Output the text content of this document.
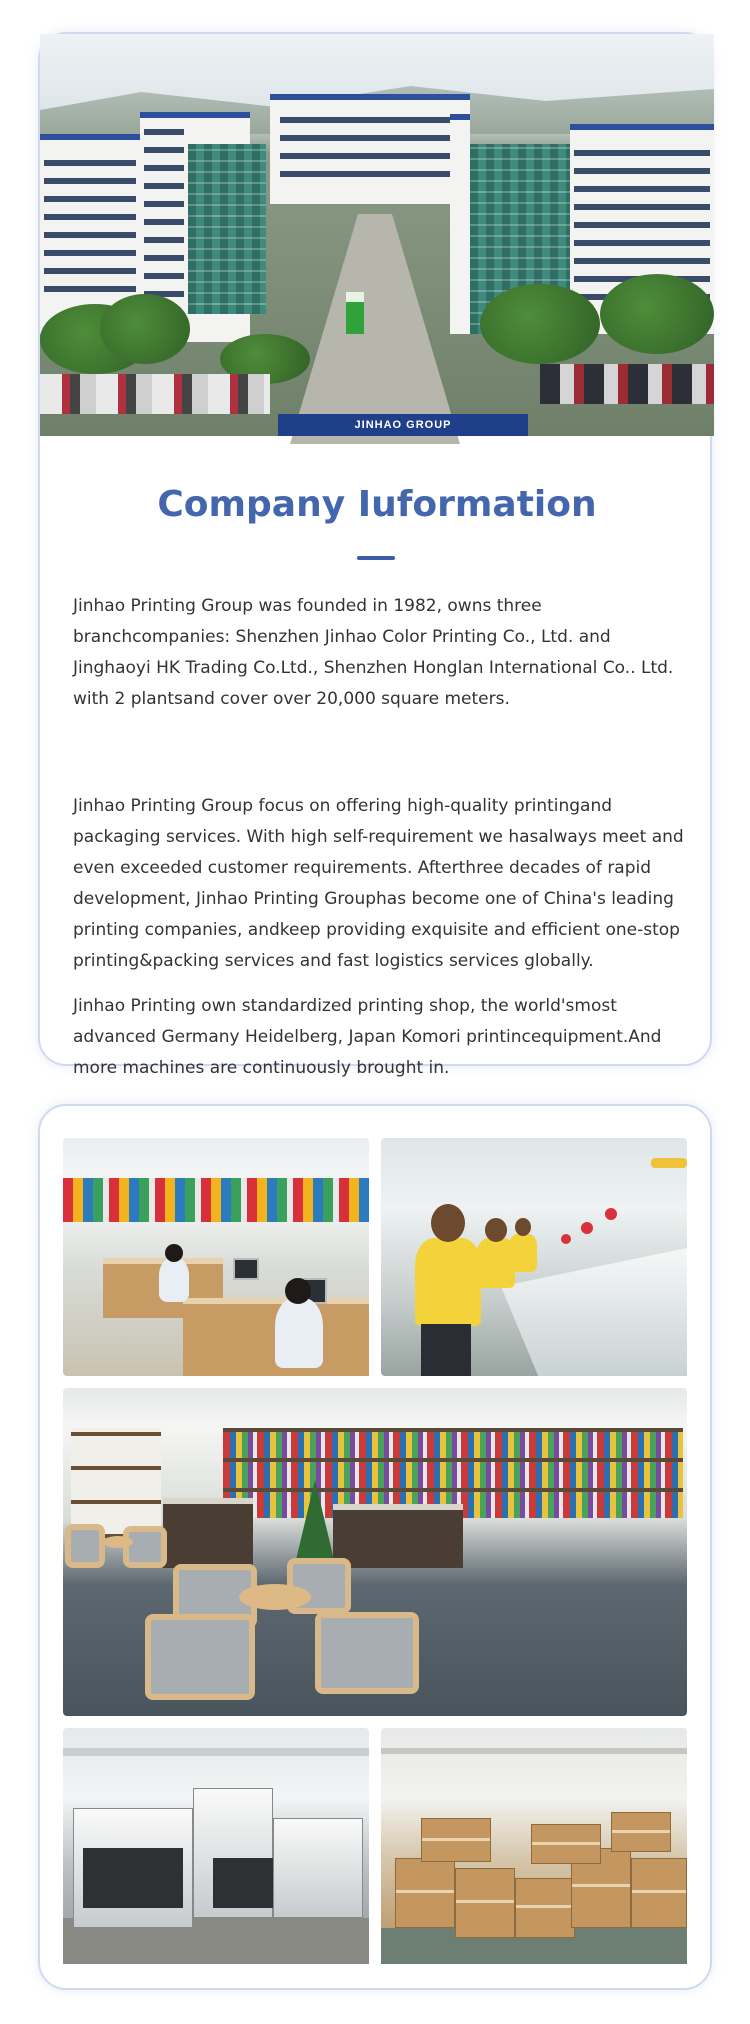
JINHAO GROUP
Company Iuformation

Jinhao Printing Group was founded in 1982, owns three branchcompanies: Shenzhen Jinhao Color Printing Co., Ltd. and Jinghaoyi HK Trading Co.Ltd., Shenzhen Honglan International Co.. Ltd. with 2 plantsand cover over 20,000 square meters.

Jinhao Printing Group focus on offering high-quality printingand packaging services. With high self-requirement we hasalways meet and even exceeded customer requirements. Afterthree decades of rapid development, Jinhao Printing Grouphas become one of China's leading printing companies, andkeep providing exquisite and efficient one-stop printing&packing services and fast logistics services globally.

Jinhao Printing own standardized printing shop, the world'smost advanced Germany Heidelberg, Japan Komori printincequipment.And more machines are continuously brought in.
